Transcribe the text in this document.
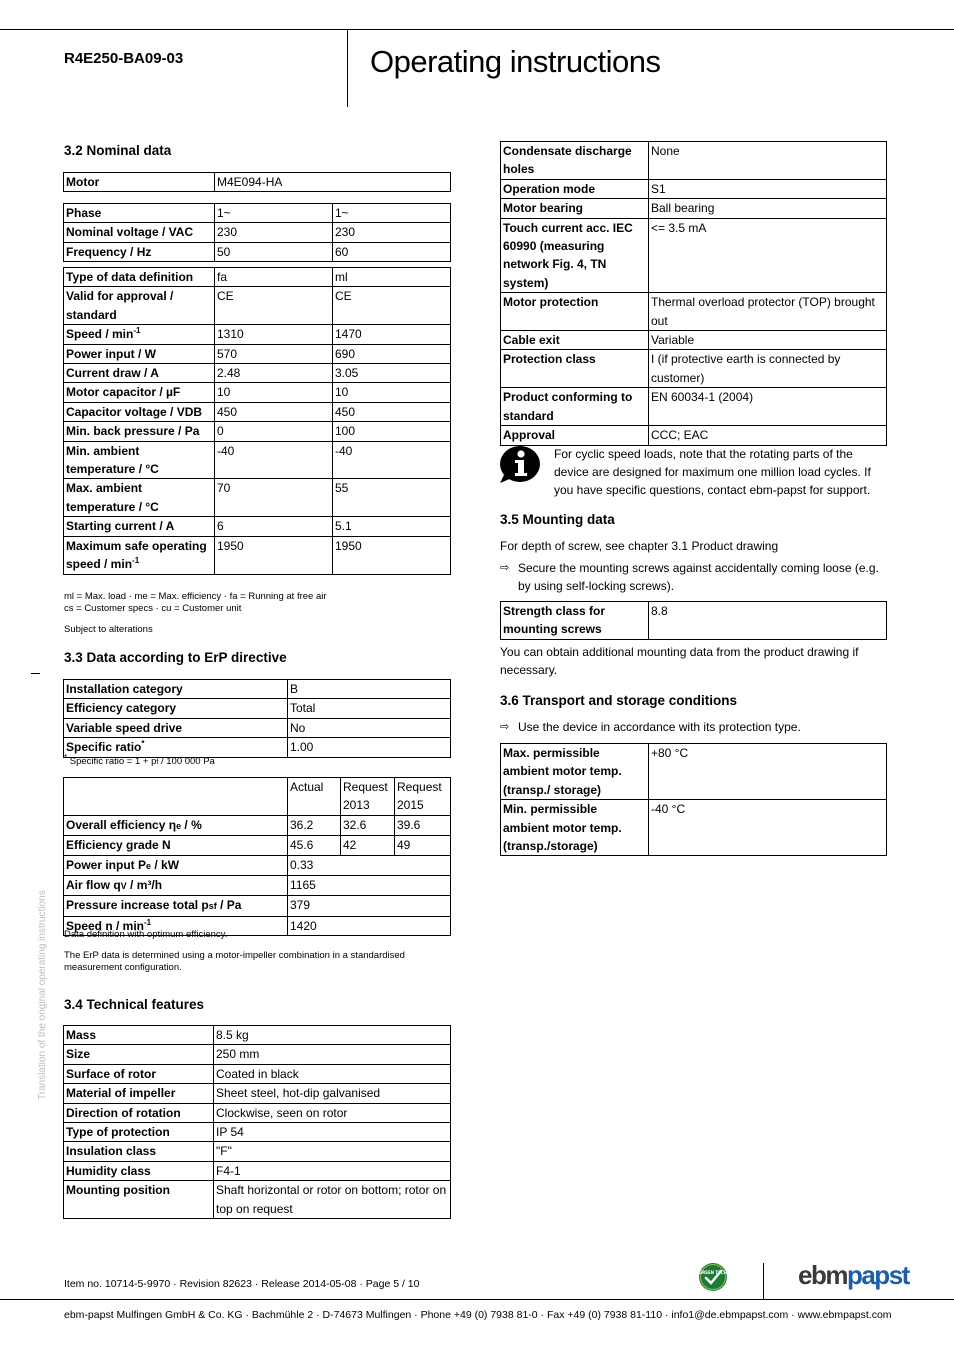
R4E250-BA09-03	Operating instructions
Translation of the original operating instructions
3.2 Nominal data
Motor	M4E094-HA
Phase	1~	1~
Nominal voltage / VAC	230	230
Frequency / Hz	50	60
Type of data definition	fa	ml
Valid for approval / standard	CE	CE
Speed / $\min^{-1}$	1310	1470
Power input / W	570	690
Current draw / A	2.48	3.05
Motor capacitor / µF	10	10
Capacitor voltage / VDB	450	450
Min. back pressure / Pa	0	100
Min. ambient temperature / °C	-40	-40
Max. ambient temperature / °C	70	55
Starting current / A	6	5.1
Maximum safe operating speed / $\min^{-1}$	1950	1950
ml = Max. load · me = Max. efficiency · fa = Running at free air
cs = Customer specs · cu = Customer unit
Subject to alterations
3.3 Data according to ErP directive
Installation category	B
Efficiency category	Total
Variable speed drive	No
Specific ratio*	1.00
* Specific ratio = 1 + pf / 100 000 Pa
	Actual	Request 2013	Request 2015
Overall efficiency ηe / %	36.2	32.6	39.6
Efficiency grade N	45.6	42	49
Power input Pe / kW	0.33		
Air flow qV / m³/h	1165		
Pressure increase total psf / Pa	379		
Speed n / $\min^{-1}$	1420		
Data definition with optimum efficiency.
The ErP data is determined using a motor-impeller combination in a standardised measurement configuration.
3.4 Technical features
Mass	8.5 kg
Size	250 mm
Surface of rotor	Coated in black
Material of impeller	Sheet steel, hot-dip galvanised
Direction of rotation	Clockwise, seen on rotor
Type of protection	IP 54
Insulation class	"F"
Humidity class	F4-1
Mounting position	Shaft horizontal or rotor on bottom; rotor on top on request
Condensate discharge holes	None
Operation mode	S1
Motor bearing	Ball bearing
Touch current acc. IEC 60990 (measuring network Fig. 4, TN system)	<= 3.5 mA
Motor protection	Thermal overload protector (TOP) brought out
Cable exit	Variable
Protection class	I (if protective earth is connected by customer)
Product conforming to standard	EN 60034-1 (2004)
Approval	CCC; EAC
For cyclic speed loads, note that the rotating parts of the device are designed for maximum one million load cycles. If you have specific questions, contact ebm-papst for support.
3.5 Mounting data
For depth of screw, see chapter 3.1 Product drawing
⇨ Secure the mounting screws against accidentally coming loose (e.g. by using self-locking screws).
Strength class for mounting screws	8.8
You can obtain additional mounting data from the product drawing if necessary.
3.6 Transport and storage conditions
⇨ Use the device in accordance with its protection type.
Max. permissible ambient motor temp. (transp./ storage)	+80 °C
Min. permissible ambient motor temp. (transp./storage)	-40 °C
Item no. 10714-5-9970 · Revision 82623 · Release 2014-05-08 · Page 5 / 10
GREEN TECH	ebmpapst
ebm-papst Mulfingen GmbH & Co. KG · Bachmühle 2 · D-74673 Mulfingen · Phone +49 (0) 7938 81-0 · Fax +49 (0) 7938 81-110 · info1@de.ebmpapst.com · www.ebmpapst.com
